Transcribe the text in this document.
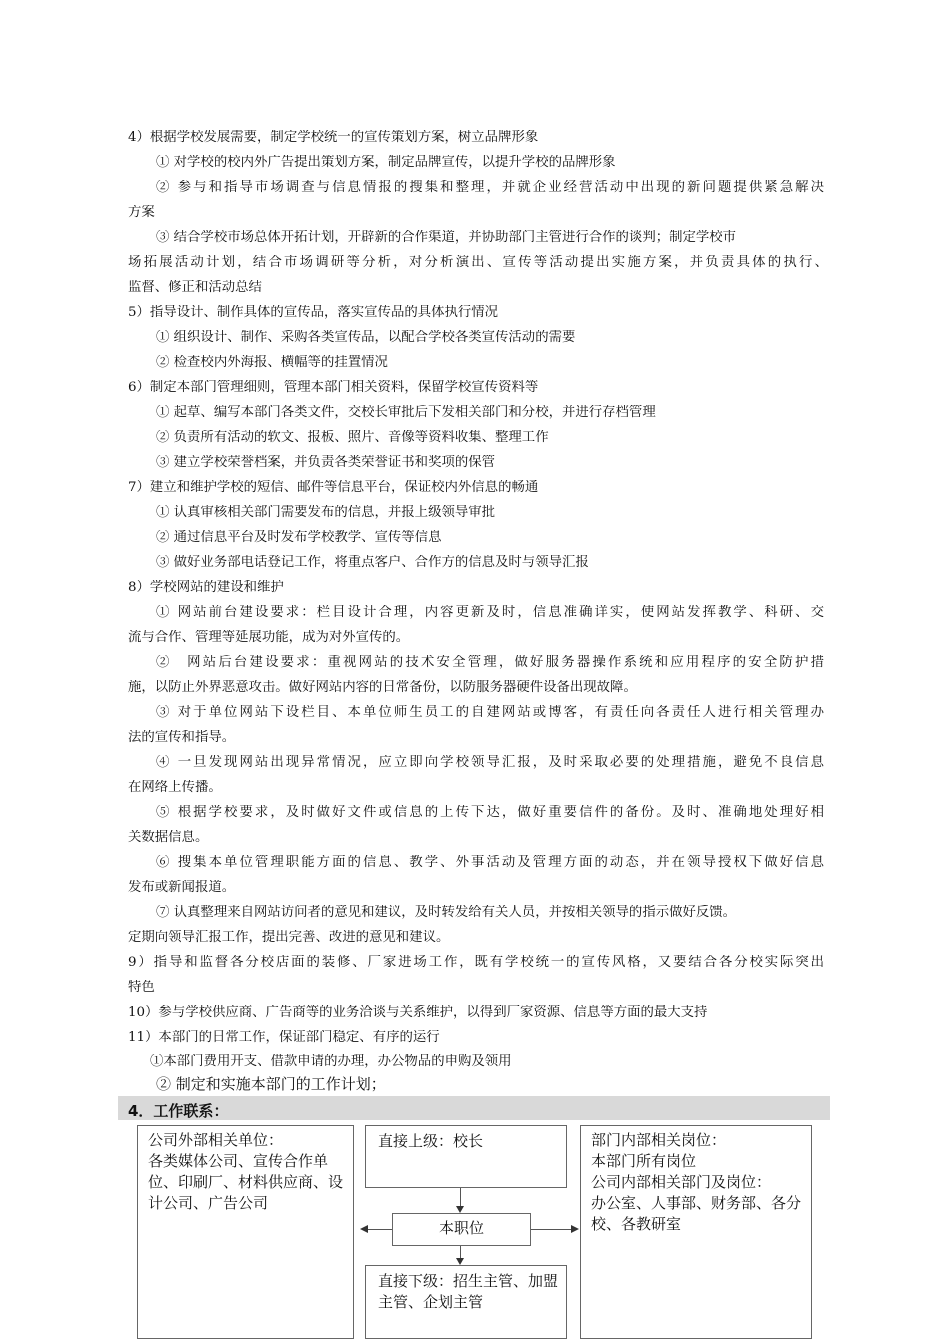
4）根据学校发展需要，制定学校统一的宣传策划方案，树立品牌形象
① 对学校的校内外广告提出策划方案，制定品牌宣传，以提升学校的品牌形象
② 参与和指导市场调查与信息情报的搜集和整理，并就企业经营活动中出现的新问题提供紧急解决
方案
③ 结合学校市场总体开拓计划，开辟新的合作渠道，并协助部门主管进行合作的谈判；制定学校市
场拓展活动计划，结合市场调研等分析，对分析演出、宣传等活动提出实施方案，并负责具体的执行、
监督、修正和活动总结
5）指导设计、制作具体的宣传品，落实宣传品的具体执行情况
① 组织设计、制作、采购各类宣传品，以配合学校各类宣传活动的需要
② 检查校内外海报、横幅等的挂置情况
6）制定本部门管理细则，管理本部门相关资料，保留学校宣传资料等
① 起草、编写本部门各类文件，交校长审批后下发相关部门和分校，并进行存档管理
② 负责所有活动的软文、报板、照片、音像等资料收集、整理工作
③ 建立学校荣誉档案，并负责各类荣誉证书和奖项的保管
7）建立和维护学校的短信、邮件等信息平台，保证校内外信息的畅通
① 认真审核相关部门需要发布的信息，并报上级领导审批
② 通过信息平台及时发布学校教学、宣传等信息
③ 做好业务部电话登记工作，将重点客户、合作方的信息及时与领导汇报
8）学校网站的建设和维护
① 网站前台建设要求：栏目设计合理，内容更新及时，信息准确详实，使网站发挥教学、科研、交
流与合作、管理等延展功能，成为对外宣传的。
②　网站后台建设要求：重视网站的技术安全管理，做好服务器操作系统和应用程序的安全防护措
施，以防止外界恶意攻击。做好网站内容的日常备份，以防服务器硬件设备出现故障。
③ 对于单位网站下设栏目、本单位师生员工的自建网站或博客，有责任向各责任人进行相关管理办
法的宣传和指导。
④ 一旦发现网站出现异常情况，应立即向学校领导汇报，及时采取必要的处理措施，避免不良信息
在网络上传播。
⑤ 根据学校要求，及时做好文件或信息的上传下达，做好重要信件的备份。及时、准确地处理好相
关数据信息。
⑥ 搜集本单位管理职能方面的信息、教学、外事活动及管理方面的动态，并在领导授权下做好信息
发布或新闻报道。
⑦ 认真整理来自网站访问者的意见和建议，及时转发给有关人员，并按相关领导的指示做好反馈。
定期向领导汇报工作，提出完善、改进的意见和建议。
9）指导和监督各分校店面的装修、厂家进场工作，既有学校统一的宣传风格，又要结合各分校实际突出
特色
10）参与学校供应商、广告商等的业务洽谈与关系维护，以得到厂家资源、信息等方面的最大支持
11）本部门的日常工作，保证部门稳定、有序的运行
①本部门费用开支、借款申请的办理，办公物品的申购及领用
② 制定和实施本部门的工作计划；
4．工作联系：
公司外部相关单位：
各类媒体公司、宣传合作单位、印刷厂、材料供应商、设计公司、广告公司
直接上级：校长
本职位
直接下级：招生主管、加盟主管、企划主管
部门内部相关岗位：
本部门所有岗位
公司内部相关部门及岗位：
办公室、人事部、财务部、各分校、各教研室
